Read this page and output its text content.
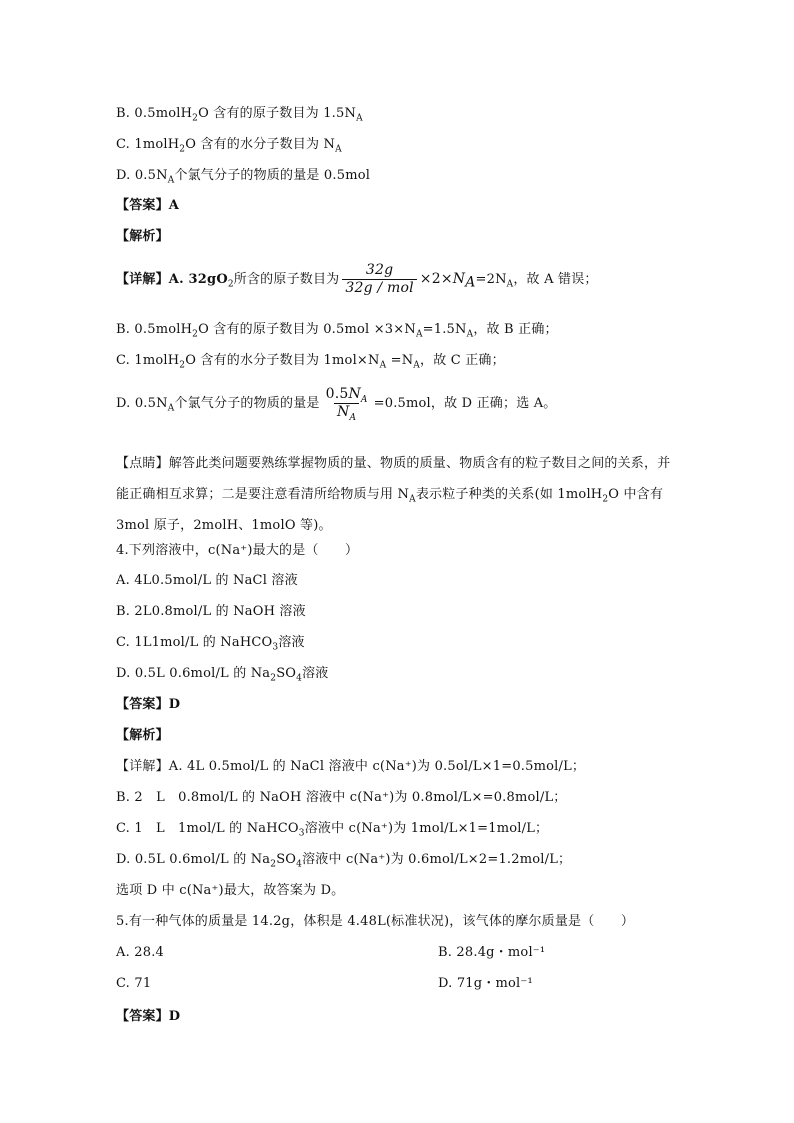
B. 0.5molH$_2$O 含有的原子数目为 $1.5N_A$
C. 1molH$_2$O 含有的水分子数目为 $N_A$
D. $0.5N_A$个氯气分子的物质的量是 0.5mol
【答案】A
【解析】
【详解】A. $32gO_2$所含的原子数目为 $\frac{32g}{\text{32g / mol}} \times 2\times N_A=2N_A$，故 A 错误；
B. 0.5molH$_2$O 含有的原子数目为 $0.5mol \times 3\times N_A=1.5N_A$，故 B 正确；
C. 1molH$_2$O 含有的水分子数目为 $1mol\times N_A =N_A$，故 C 正确；
D. $0.5N_A$个氯气分子的物质的量是 $\frac{0.5N_A}{N_A} =0.5mol$，故 D 正确；选 A。
【点睛】解答此类问题要熟练掌握物质的量、物质的质量、物质含有的粒子数目之间的关系，并能正确相互求算；二是要注意看清所给物质与用 $N_A$表示粒子种类的关系(如 1molH$_2$O 中含有 3mol 原子，2molH、1molO 等)。
4.下列溶液中，c(Na⁺)最大的是（　　）
A. 4L0.5mol/L 的 NaCl 溶液
B. 2L0.8mol/L 的 NaOH 溶液
C. 1L1mol/L 的 NaHCO$_3$溶液
D. 0.5L 0.6mol/L 的 $Na_2SO_4$溶液
【答案】D
【解析】
【详解】A. 4L 0.5mol/L 的 NaCl 溶液中 c(Na⁺)为 0.5ol/L×1=0.5mol/L；
B. 2　L　0.8mol/L 的 NaOH 溶液中 c(Na⁺)为 0.8mol/L×=0.8mol/L；
C. 1　L　1mol/L 的 NaHCO$_3$溶液中 c(Na⁺)为 1mol/L×1=1mol/L；
D. 0.5L 0.6mol/L 的 $Na_2SO_4$溶液中 c(Na⁺)为 0.6mol/L×2=1.2mol/L；
选项 D 中 c(Na⁺)最大，故答案为 D。
5.有一种气体的质量是 14.2g，体积是 4.48L(标准状况)，该气体的摩尔质量是（　　）
A. 28.4	B. 28.4g・mol⁻¹
C. 71	D. 71g・mol⁻¹
【答案】D
